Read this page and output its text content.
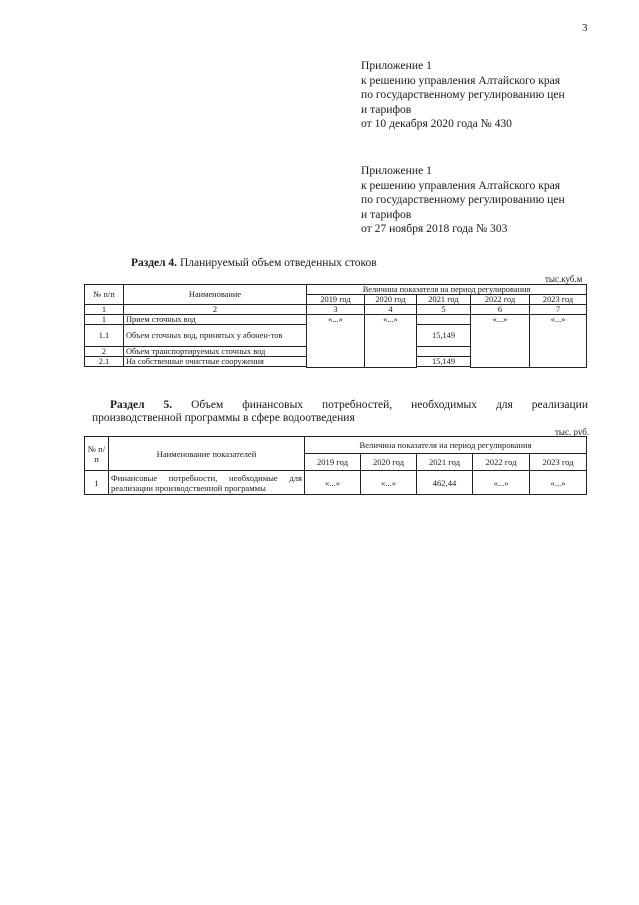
3
Приложение 1
к решению управления Алтайского края
по государственному регулированию цен
и тарифов
от 10 декабря 2020 года № 430
Приложение 1
к решению управления Алтайского края
по государственному регулированию цен
и тарифов
от 27 ноября 2018 года № 303
Раздел 4. Планируемый объем отведенных стоков
тыс.куб.м
№ п/п	Наименование	Величина показателя на период регулирования				
		2019 год	2020 год	2021 год	2022 год	2023 год
1	2	3	4	5	6	7
1	Прием сточных вод	«...»	«...»		«...»	«...»
1.1	Объем сточных вод, принятых у абонен-тов			15,149		
2	Объем транспортируемых сточных вод					
2.1	На собственные очистные сооружения			15,149		

Раздел 5. Объем финансовых потребностей, необходимых для реализации
производственной программы в сфере водоотведения
тыс. руб.
№ п/ п	Наименование показателей	Величина показателя на период регулирования				
		2019 год	2020 год	2021 год	2022 год	2023 год
1	Финансовые потребности, необходимые для реализации производственной программы	«...»	«...»	462,44	«...»	«...»
